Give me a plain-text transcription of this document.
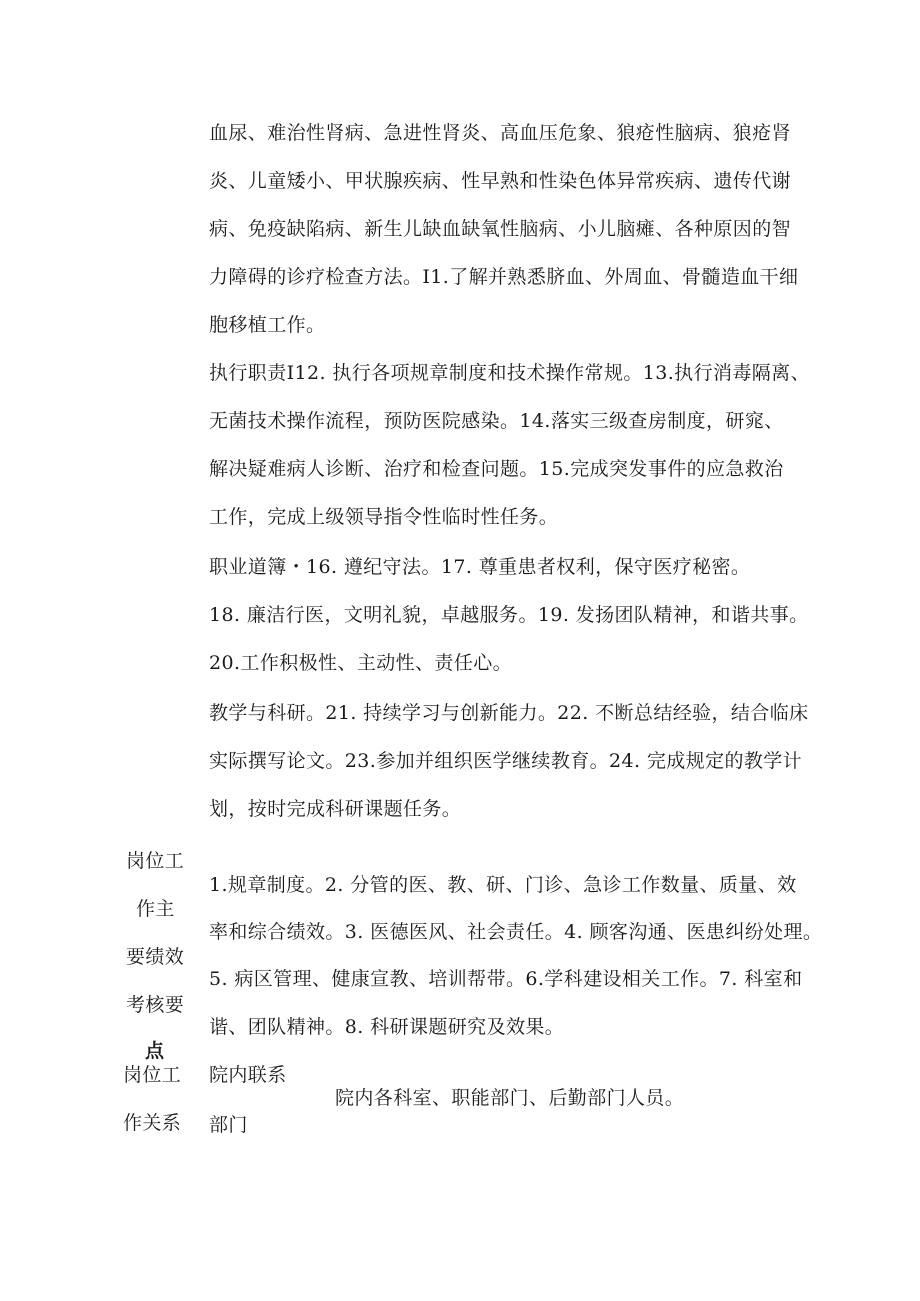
血尿、难治性肾病、急进性肾炎、高血压危象、狼疮性脑病、狼疮肾
炎、儿童矮小、甲状腺疾病、性早熟和性染色体异常疾病、遗传代谢
病、免疫缺陷病、新生儿缺血缺氧性脑病、小儿脑瘫、各种原因的智
力障碍的诊疗检查方法。I1.了解并熟悉脐血、外周血、骨髓造血干细
胞移植工作。
执行职责I12. 执行各项规章制度和技术操作常规。13.执行消毒隔离、
无菌技术操作流程，预防医院感染。14.落实三级查房制度，研窕、
解决疑难病人诊断、治疗和检查问题。15.完成突发事件的应急救治
工作，完成上级领导指令性临时性任务。
职业道簿・16. 遵纪守法。17. 尊重患者权利，保守医疗秘密。
18. 廉洁行医，文明礼貌，卓越服务。19. 发扬团队精神，和谐共事。
20.工作积极性、主动性、责任心。
教学与科研。21. 持续学习与创新能力。22. 不断总结经验，结合临床
实际撰写论文。23.参加并组织医学继续教育。24. 完成规定的教学计
划，按时完成科研课题任务。
岗位工
作主
要绩效
考核要
点
1.规章制度。2. 分管的医、教、研、门诊、急诊工作数量、质量、效
率和综合绩效。3. 医德医风、社会责任。4. 顾客沟通、医患纠纷处理。
5. 病区管理、健康宣教、培训帮带。6.学科建设相关工作。7. 科室和
谐、团队精神。8. 科研课题研究及效果。
岗位工
作关系
院内联系
部门
院内各科室、职能部门、后勤部门人员。
